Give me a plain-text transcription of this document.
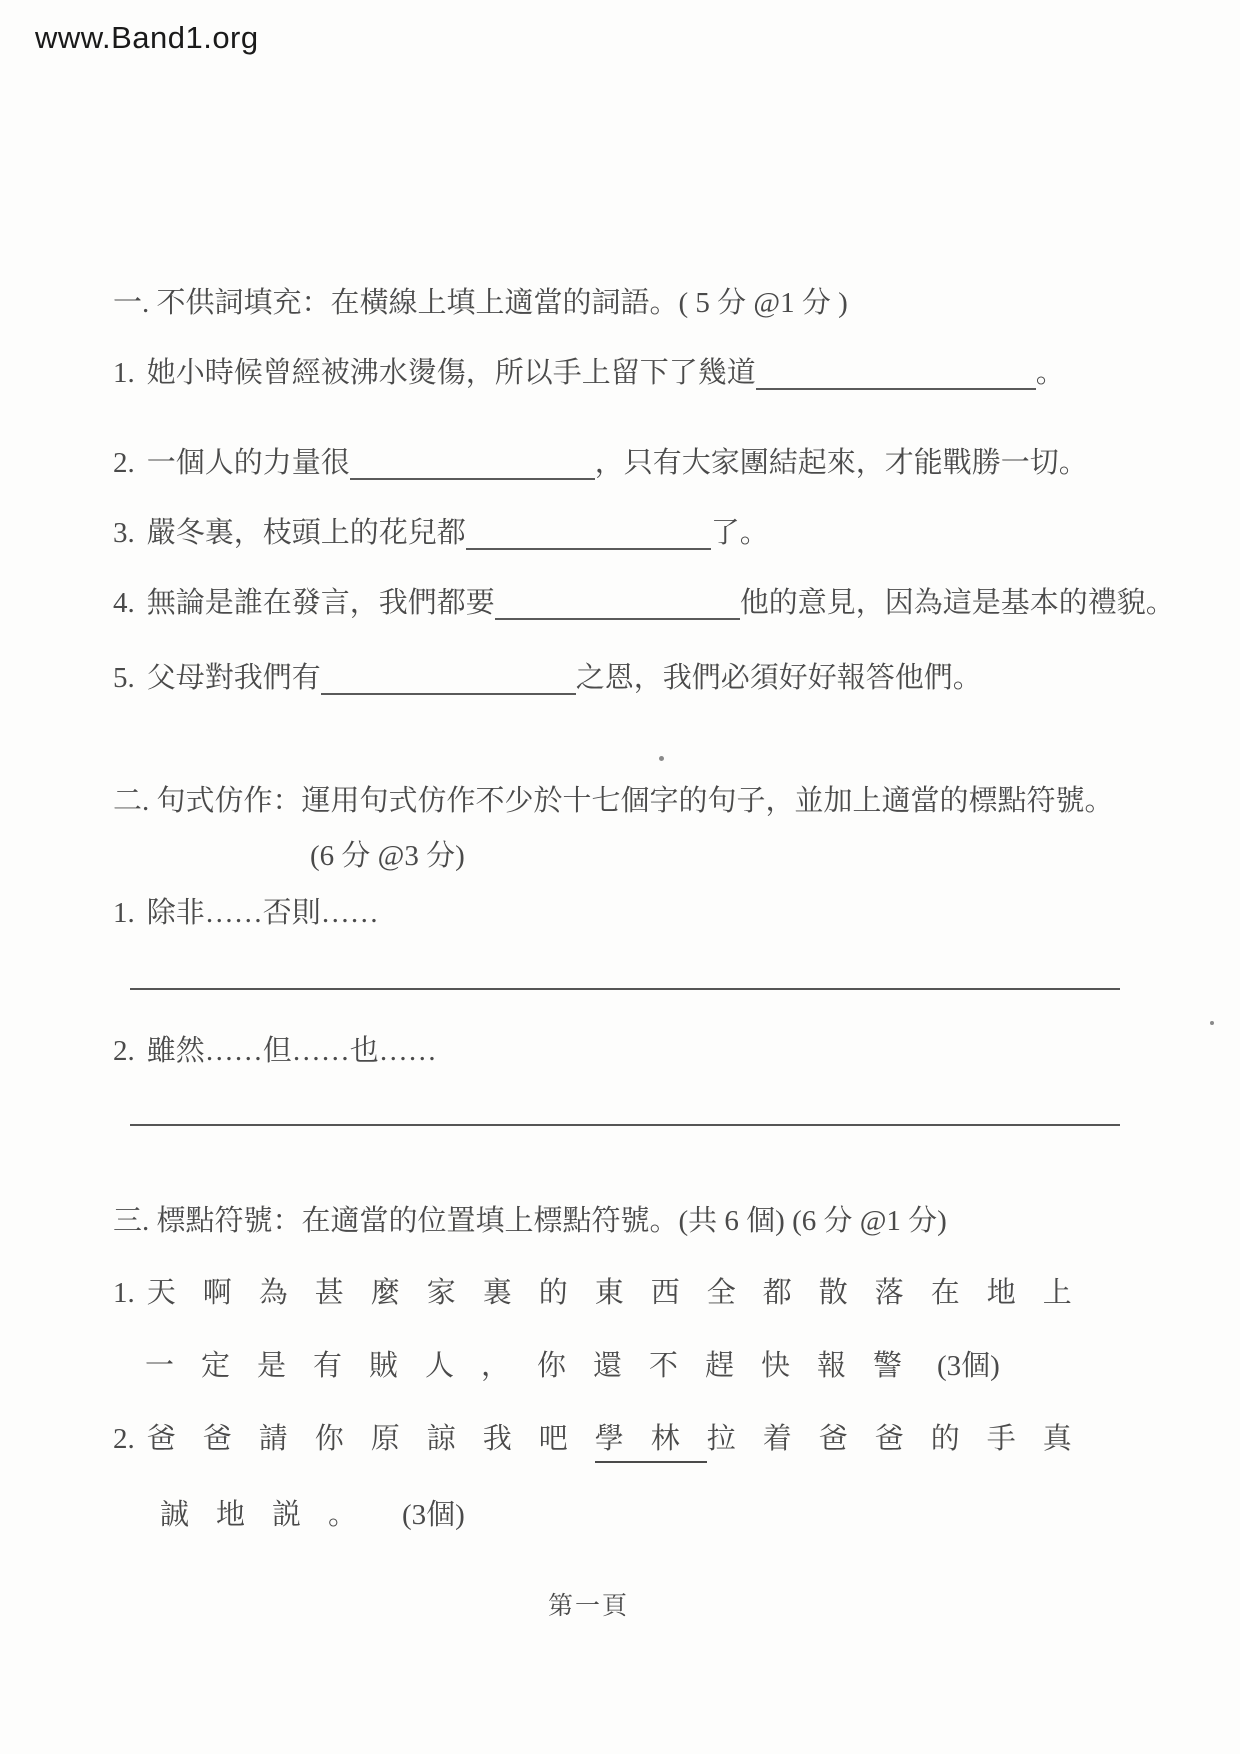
www.Band1.org
一. 不供詞填充：在橫線上填上適當的詞語。( 5 分 @1 分 )
1. 她小時候曾經被沸水燙傷，所以手上留下了幾道	。
2. 一個人的力量很	，只有大家團結起來，才能戰勝一切。
3. 嚴冬裏，枝頭上的花兒都	了。
4. 無論是誰在發言，我們都要	他的意見，因為這是基本的禮貌。
5. 父母對我們有	之恩，我們必須好好報答他們。
二. 句式仿作：運用句式仿作不少於十七個字的句子，並加上適當的標點符號。
(6 分 @3 分)
1. 除非……否則……
2. 雖然……但……也……
三. 標點符號：在適當的位置填上標點符號。(共 6 個) (6 分 @1 分)
1. 天啊為甚麼家裏的東西全都散落在地上
一定是有賊人，你還不趕快報警 (3個)
2. 爸爸請你原諒我吧學林拉着爸爸的手真
誠地説。 (3個)
第一頁
